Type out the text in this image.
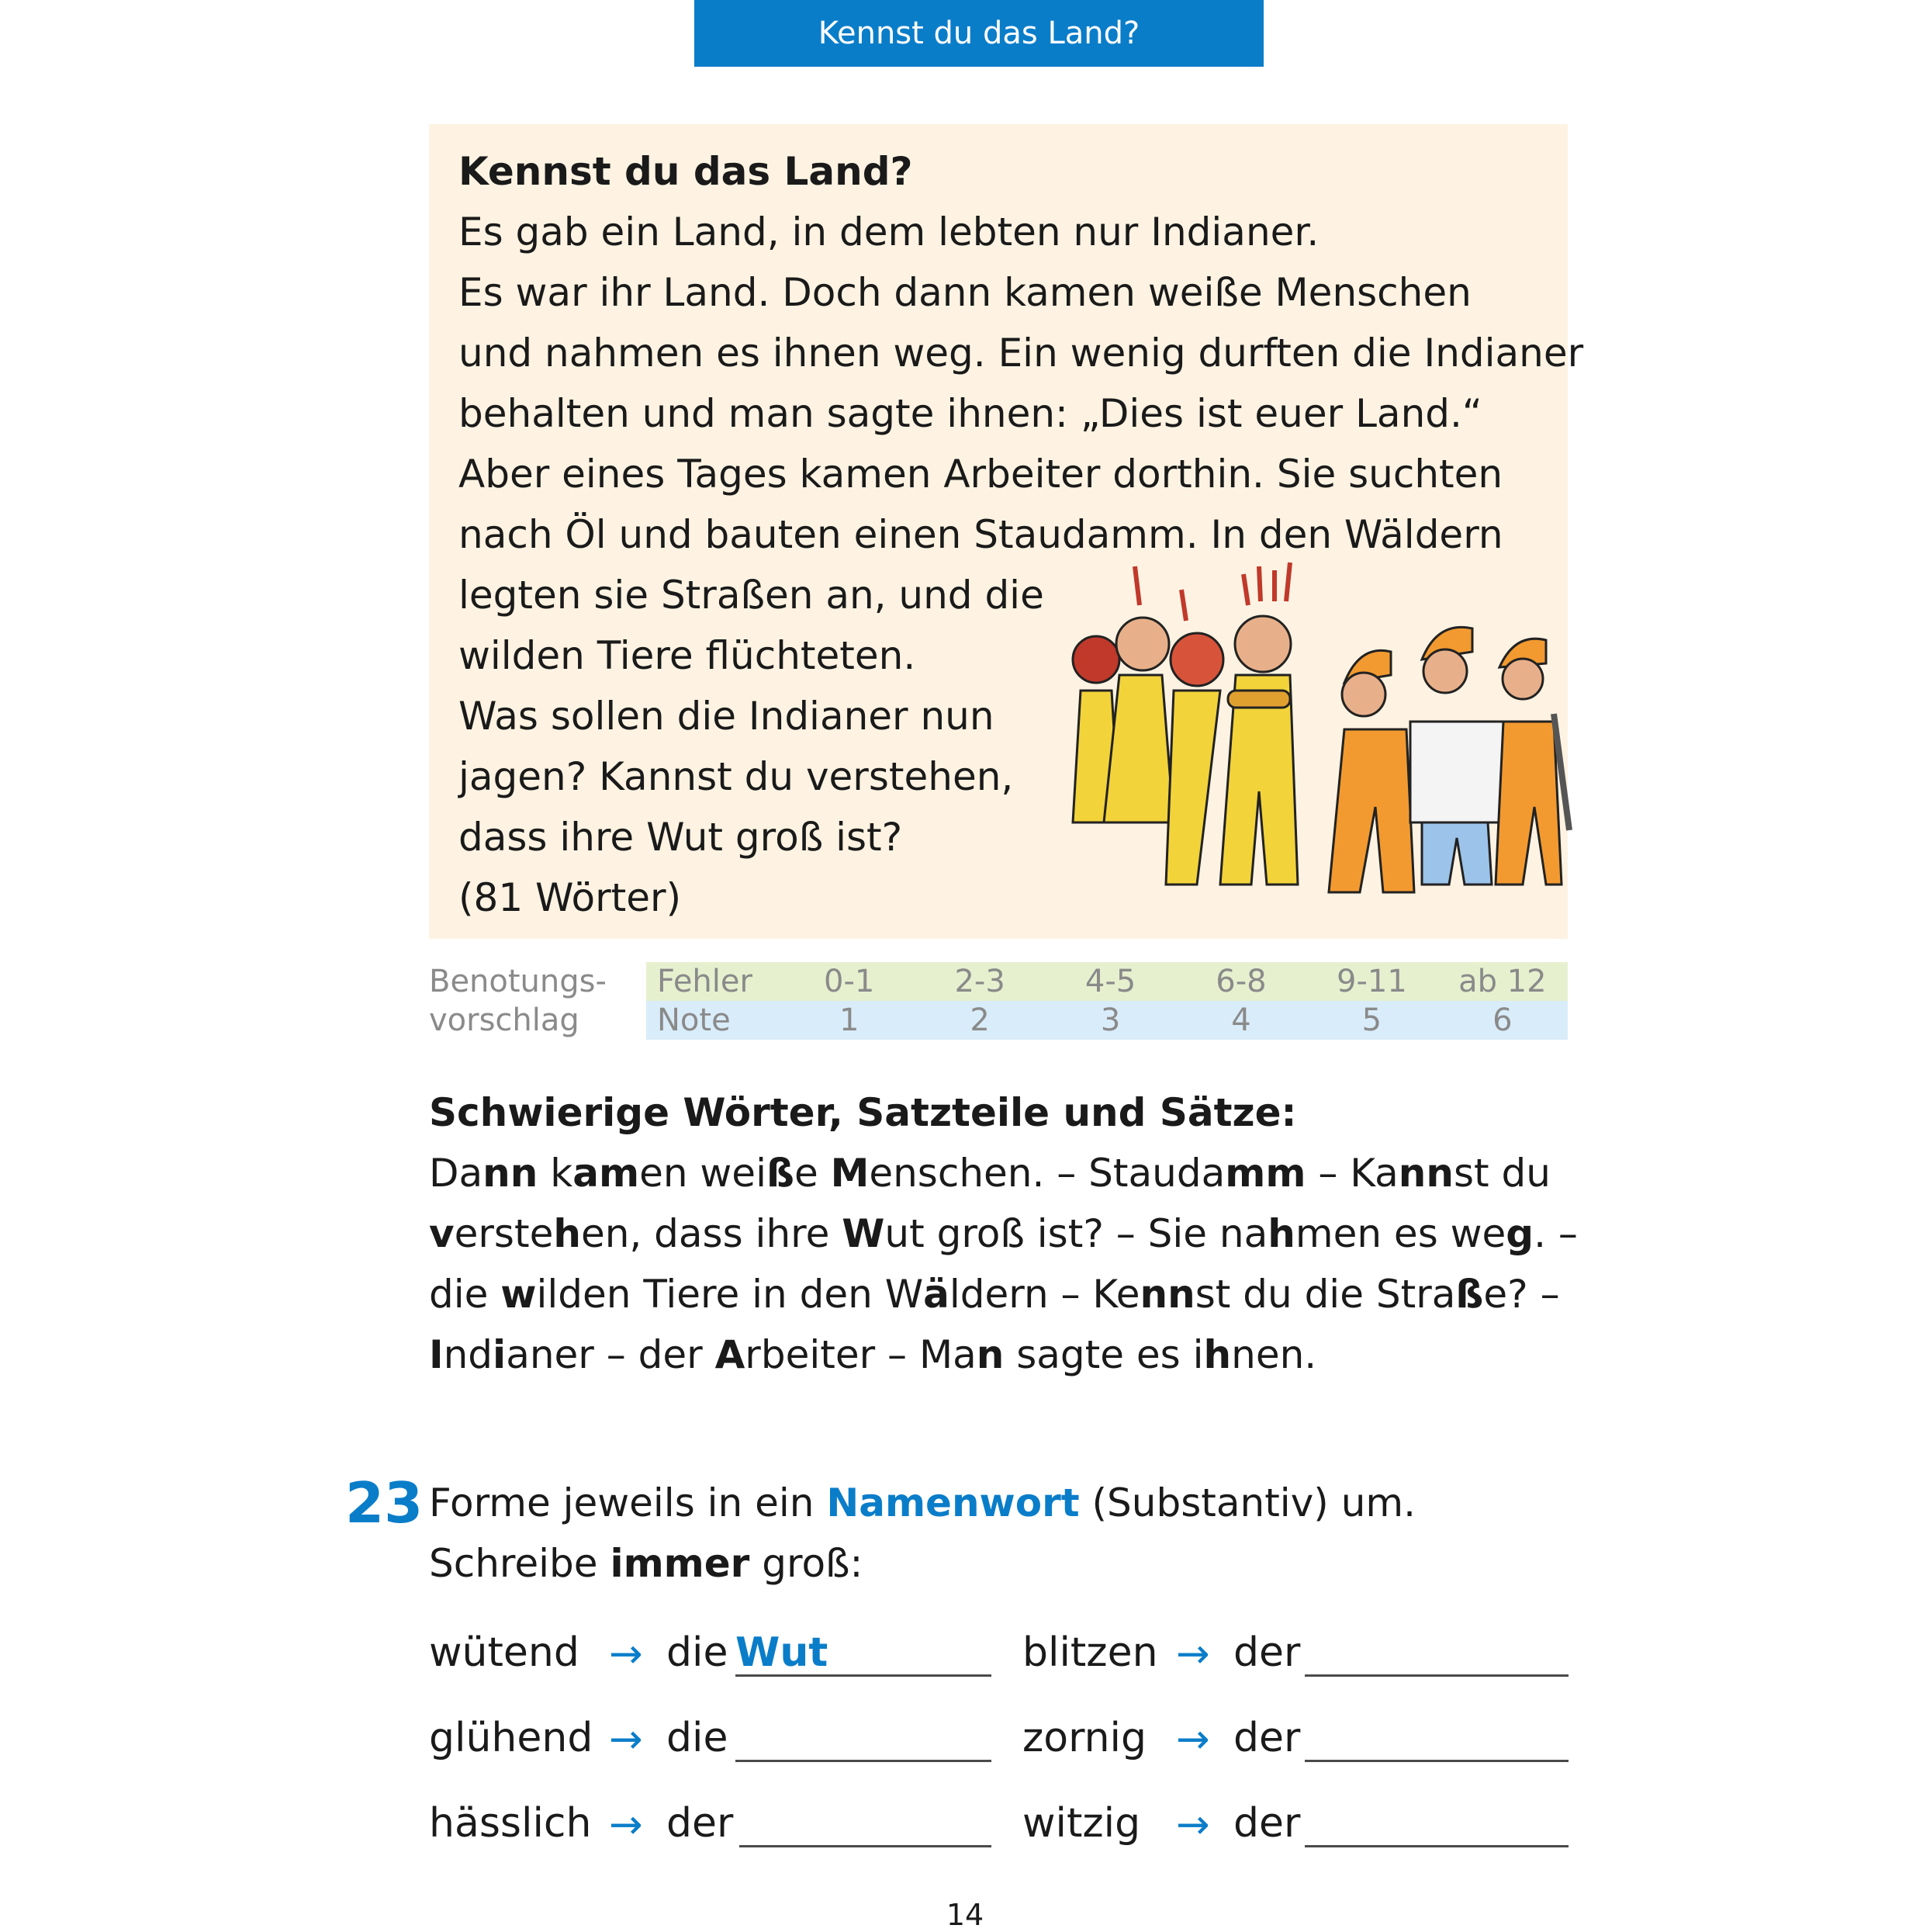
Kennst du das Land?
Kennst du das Land?
Es gab ein Land, in dem lebten nur Indianer.
Es war ihr Land. Doch dann kamen weiße Menschen
und nahmen es ihnen weg. Ein wenig durften die Indianer
behalten und man sagte ihnen: „Dies ist euer Land.“
Aber eines Tages kamen Arbeiter dorthin. Sie suchten
nach Öl und bauten einen Staudamm. In den Wäldern
legten sie Straßen an, und die
wilden Tiere flüchteten.
Was sollen die Indianer nun
jagen? Kannst du verstehen,
dass ihre Wut groß ist?
(81 Wörter)
Benotungs-
vorschlag
Fehler	0-1	2-3	4-5	6-8	9-11	ab 12
Note	1	2	3	4	5	6
Schwierige Wörter, Satzteile und Sätze:
Dann kamen weiße Menschen. – Staudamm – Kannst du
verstehen, dass ihre Wut groß ist? – Sie nahmen es weg. –
die wilden Tiere in den Wäldern – Kennst du die Straße? –
Indianer – der Arbeiter – Man sagte es ihnen.
23 Forme jeweils in ein Namenwort (Substantiv) um.
Schreibe immer groß:
wütend → die Wut	blitzen → der
glühend → die	zornig → der
hässlich → der	witzig → der
14
